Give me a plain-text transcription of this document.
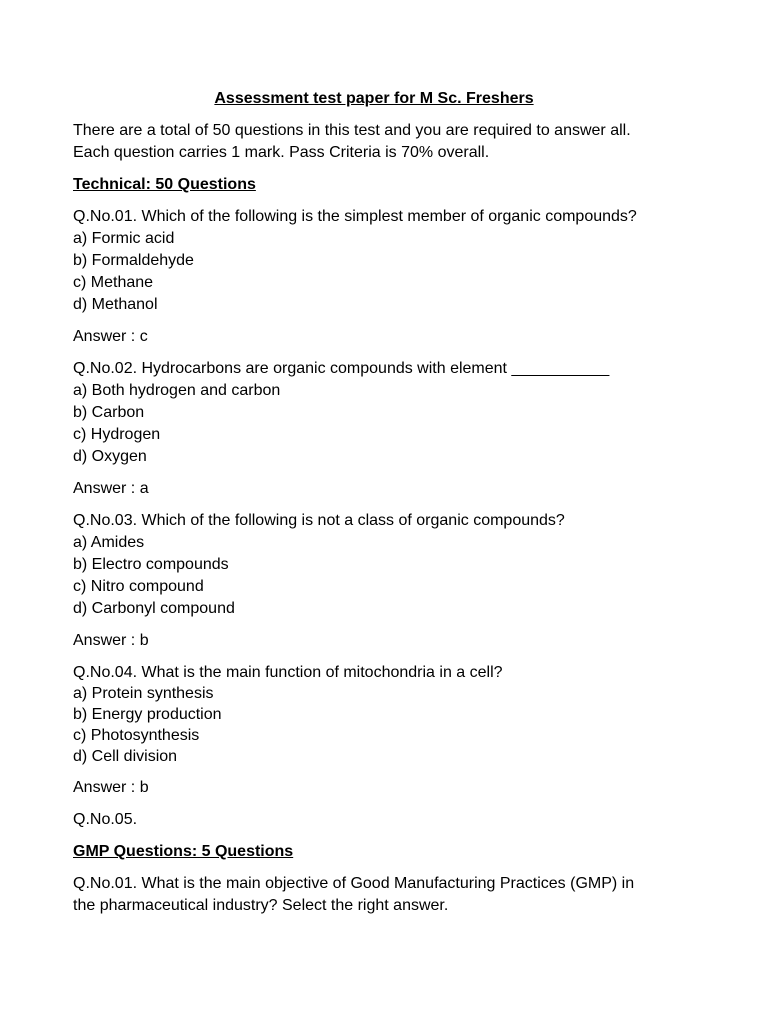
Assessment test paper for M Sc. Freshers
There are a total of 50 questions in this test and you are required to answer all.
Each question carries 1 mark. Pass Criteria is 70% overall.
Technical: 50 Questions
Q.No.01. Which of the following is the simplest member of organic compounds?
a) Formic acid
b) Formaldehyde
c) Methane
d) Methanol
Answer : c
Q.No.02. Hydrocarbons are organic compounds with element ___________
a) Both hydrogen and carbon
b) Carbon
c) Hydrogen
d) Oxygen
Answer : a
Q.No.03. Which of the following is not a class of organic compounds?
a) Amides
b) Electro compounds
c) Nitro compound
d) Carbonyl compound
Answer : b
Q.No.04. What is the main function of mitochondria in a cell?
a) Protein synthesis
b) Energy production
c) Photosynthesis
d) Cell division
Answer : b
Q.No.05.
GMP Questions: 5 Questions
Q.No.01. What is the main objective of Good Manufacturing Practices (GMP) in
the pharmaceutical industry? Select the right answer.
